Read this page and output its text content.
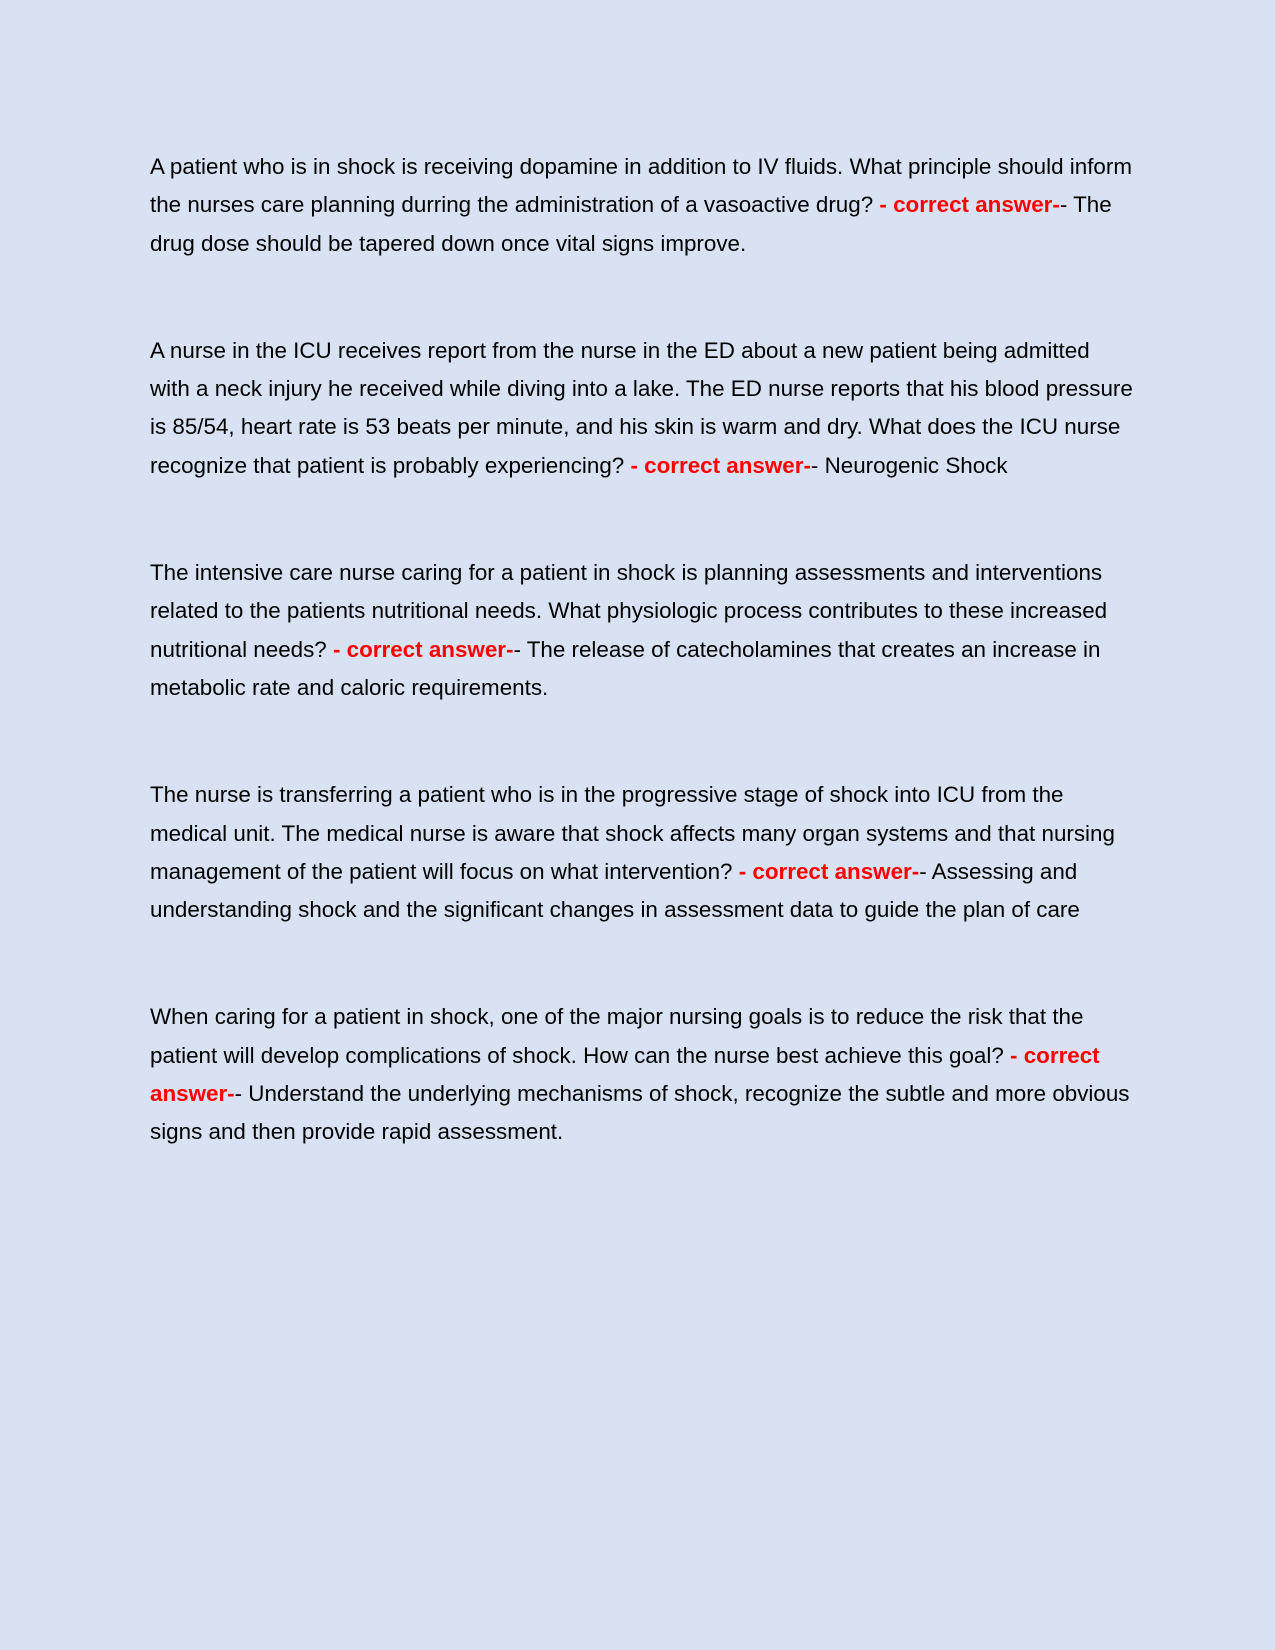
A patient who is in shock is receiving dopamine in addition to IV fluids. What principle should inform the nurses care planning durring the administration of a vasoactive drug? - correct answer-- The drug dose should be tapered down once vital signs improve.

A nurse in the ICU receives report from the nurse in the ED about a new patient being admitted with a neck injury he received while diving into a lake. The ED nurse reports that his blood pressure is 85/54, heart rate is 53 beats per minute, and his skin is warm and dry. What does the ICU nurse recognize that patient is probably experiencing? - correct answer-- Neurogenic Shock

The intensive care nurse caring for a patient in shock is planning assessments and interventions related to the patients nutritional needs. What physiologic process contributes to these increased nutritional needs? - correct answer-- The release of catecholamines that creates an increase in metabolic rate and caloric requirements.

The nurse is transferring a patient who is in the progressive stage of shock into ICU from the medical unit. The medical nurse is aware that shock affects many organ systems and that nursing management of the patient will focus on what intervention? - correct answer-- Assessing and understanding shock and the significant changes in assessment data to guide the plan of care

When caring for a patient in shock, one of the major nursing goals is to reduce the risk that the patient will develop complications of shock. How can the nurse best achieve this goal? - correct answer-- Understand the underlying mechanisms of shock, recognize the subtle and more obvious signs and then provide rapid assessment.
